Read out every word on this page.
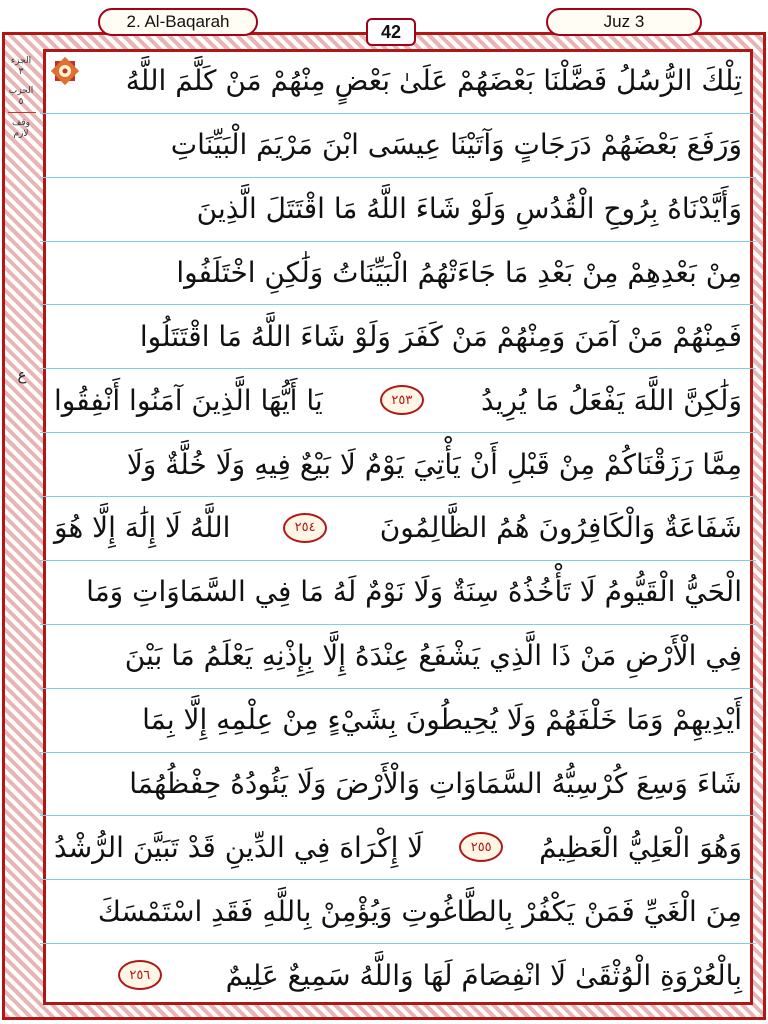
2. Al-Baqarah	42	Juz 3
الجزء
٣
الحزب ٥
وقف لازم
ع
تِلْكَ الرُّسُلُ فَضَّلْنَا بَعْضَهُمْ عَلَىٰ بَعْضٍ مِنْهُمْ مَنْ كَلَّمَ اللَّهُ
وَرَفَعَ بَعْضَهُمْ دَرَجَاتٍ وَآتَيْنَا عِيسَى ابْنَ مَرْيَمَ الْبَيِّنَاتِ
وَأَيَّدْنَاهُ بِرُوحِ الْقُدُسِ وَلَوْ شَاءَ اللَّهُ مَا اقْتَتَلَ الَّذِينَ
مِنْ بَعْدِهِمْ مِنْ بَعْدِ مَا جَاءَتْهُمُ الْبَيِّنَاتُ وَلَٰكِنِ اخْتَلَفُوا
فَمِنْهُمْ مَنْ آمَنَ وَمِنْهُمْ مَنْ كَفَرَ وَلَوْ شَاءَ اللَّهُ مَا اقْتَتَلُوا
وَلَٰكِنَّ اللَّهَ يَفْعَلُ مَا يُرِيدُ
٢٥٣
يَا أَيُّهَا الَّذِينَ آمَنُوا أَنْفِقُوا
مِمَّا رَزَقْنَاكُمْ مِنْ قَبْلِ أَنْ يَأْتِيَ يَوْمٌ لَا بَيْعٌ فِيهِ وَلَا خُلَّةٌ وَلَا
شَفَاعَةٌ وَالْكَافِرُونَ هُمُ الظَّالِمُونَ
٢٥٤
اللَّهُ لَا إِلَٰهَ إِلَّا هُوَ
الْحَيُّ الْقَيُّومُ لَا تَأْخُذُهُ سِنَةٌ وَلَا نَوْمٌ لَهُ مَا فِي السَّمَاوَاتِ وَمَا
فِي الْأَرْضِ مَنْ ذَا الَّذِي يَشْفَعُ عِنْدَهُ إِلَّا بِإِذْنِهِ يَعْلَمُ مَا بَيْنَ
أَيْدِيهِمْ وَمَا خَلْفَهُمْ وَلَا يُحِيطُونَ بِشَيْءٍ مِنْ عِلْمِهِ إِلَّا بِمَا
شَاءَ وَسِعَ كُرْسِيُّهُ السَّمَاوَاتِ وَالْأَرْضَ وَلَا يَئُودُهُ حِفْظُهُمَا
وَهُوَ الْعَلِيُّ الْعَظِيمُ
٢٥٥
لَا إِكْرَاهَ فِي الدِّينِ قَدْ تَبَيَّنَ الرُّشْدُ
مِنَ الْغَيِّ فَمَنْ يَكْفُرْ بِالطَّاغُوتِ وَيُؤْمِنْ بِاللَّهِ فَقَدِ اسْتَمْسَكَ
بِالْعُرْوَةِ الْوُثْقَىٰ لَا انْفِصَامَ لَهَا وَاللَّهُ سَمِيعٌ عَلِيمٌ
٢٥٦
